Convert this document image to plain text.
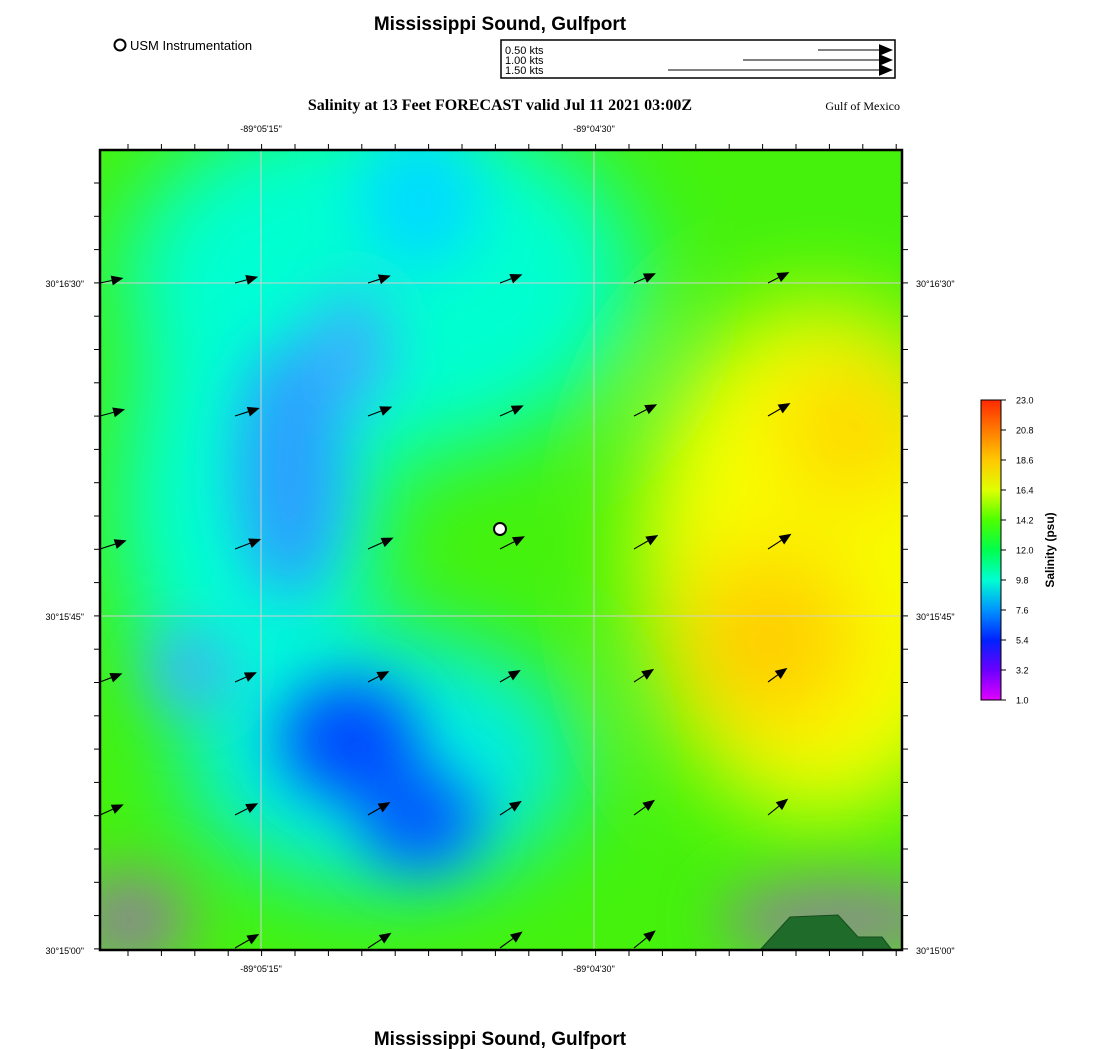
Mississippi Sound, Gulfport
USM Instrumentation	0.50 kts
1.00 kts
1.50 kts
Salinity at 13 Feet FORECAST valid Jul 11 2021 03:00Z	Gulf of Mexico
-89°05'15"	-89°04'30"
30°16'30"
30°15'45"
30°15'00"
30°16'30"
30°15'45"
30°15'00"
-89°05'15"	-89°04'30"
23.0
20.8
18.6
16.4
14.2
12.0
9.8
7.6
5.4
3.2
1.0
Salinity (psu)
Mississippi Sound, Gulfport
